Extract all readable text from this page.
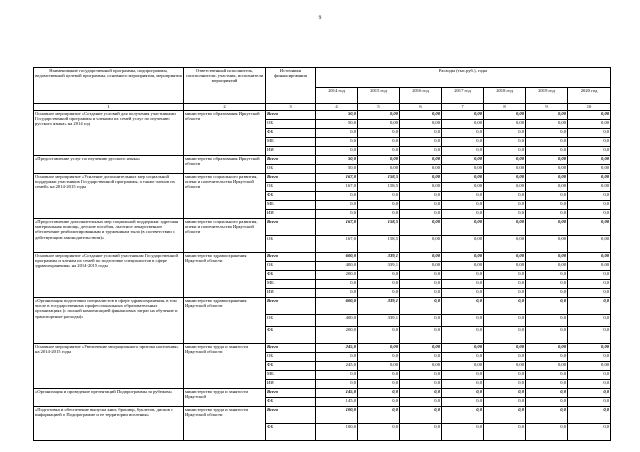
9
Наименование государственной программы, подпрограммы, ведомственной целевой программы, основного мероприятия, мероприятия	Ответственный исполнитель, соисполнители, участник, исполнители мероприятий	Источники финансирования	Расходы (тыс.руб.), годы						
			2014 год	2015 год	2016 год	2017 год	2018 год	2019 год	2020 год
1	2	3	4	5	6	7	8	9	10
Основное мероприятие «Создание условий для получения участниками Государственной программы и членами их семей услуг по изучению русского языка» на 2014 год	министерство образования Иркутской области	Всего	50,0	0,00	0,00	0,00	0,00	0,00	0,00
		ОБ	50,0	0,00	0,00	0,00	0,00	0,00	0,00
		ФБ	0,0	0,0	0,0	0,0	0,0	0,0	0,0
		МБ	0,0	0,0	0,0	0,0	0,0	0,0	0,0
		ИИ	0,0	0,0	0,0	0,0	0,0	0,0	0,0
«Предоставление услуг по изучению русского языка»	министерство образования Иркутской области	Всего	50,0	0,00	0,00	0,00	0,00	0,00	0,00
		ОБ	50,0	0,00	0,00	0,00	0,00	0,00	0,00
Основное мероприятие «Усиление дополнительных мер социальной поддержки участников Государственной программы, а также членов их семей» на 2014-2015 годы	министерство социального развития, опеки и попечительства Иркутской области	Всего	167,0	158,5	0,00	0,00	0,00	0,00	0,00
		ОБ	167,0	158,5	0,00	0,00	0,00	0,00	0,00
		ФБ	0,0	0,0	0,0	0,0	0,0	0,0	0,0
		МБ	0,0	0,0	0,0	0,0	0,0	0,0	0,0
		ИИ	0,0	0,0	0,0	0,0	0,0	0,0	0,0
«Предоставление дополнительных мер социальной поддержки: адресная материальная помощь, детские пособия, льготное лекарственное обеспечение реабилитированным и труженикам тыла (в соответствии с действующим законодательством)»	министерство социального развития, опеки и попечительства Иркутской области	Всего	167,0	158,5	0,00	0,00	0,00	0,00	0,00
		ОБ	167,0	158,5	0,00	0,00	0,00	0,00	0,00
Основное мероприятие «Создание условий участникам Государственной программы и членам их семей по подготовке специалистов в сфере здравоохранения» на 2014-2015 годы	министерство здравоохранения Иркутской области	Всего	600,0	339,1	0,00	0,00	0,00	0,00	0,00
		ОБ	400,0	339,1	0,00	0,00	0,00	0,00	0,00
		ФБ	200,0	0,0	0,0	0,0	0,0	0,0	0,0
		МБ	0,0	0,0	0,0	0,0	0,0	0,0	0,0
		ИИ	0,0	0,0	0,0	0,0	0,0	0,0	0,0
«Организация подготовки специалистов в сфере здравоохранения, в том числе в государственных профессиональных образовательных организациях (с полной компенсацией финансовых затрат на обучение и транспортные расходы)»	министерство здравоохранения Иркутской области	Всего	600,0	339,1	0,0	0,0	0,0	0,0	0,0
		ОБ	400,0	339,1	0,0	0,0	0,0	0,0	0,0
		ФБ	200,0	0,0	0,0	0,0	0,0	0,0	0,0
Основное мероприятие «Увеличение миграционного притока населения» на 2014-2015 годы	министерство труда и занятости Иркутской области	Всего	245,0	0,00	0,00	0,00	0,00	0,00	0,00
		ОБ	0,0	0,0	0,0	0,0	0,0	0,0	0,0
		ФБ	245,0	0,00	0,00	0,00	0,00	0,00	0,00
		МБ	0,0	0,0	0,0	0,0	0,0	0,0	0,0
		ИИ	0,0	0,0	0,0	0,0	0,0	0,0	0,0
«Организация и проведение презентаций Подпрограммы за рубежом»	министерство труда и занятости Иркутской	Всего	145,0	0,0	0,0	0,0	0,0	0,0	0,0
		ФБ	145,0	0,0	0,0	0,0	0,0	0,0	0,0
«Подготовка и обеспечение выпуска книг, брошюр, буклетов, дисков с информацией о Подпрограмме и ее территории вселения»	министерство труда и занятости Иркутской области	Всего	100,0	0,0	0,0	0,0	0,0	0,0	0,0
		ФБ	100,0	0,0	0,0	0,0	0,0	0,0	0,0
